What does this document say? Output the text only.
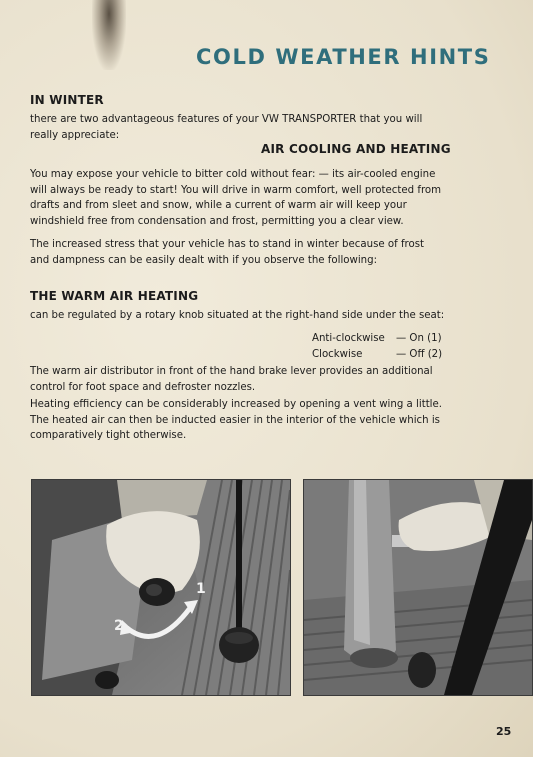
COLD WEATHER HINTS
IN WINTER
there are two advantageous features of your VW TRANSPORTER that you will really appreciate:
AIR COOLING AND HEATING
You may expose your vehicle to bitter cold without fear: — its air-cooled engine will always be ready to start! You will drive in warm comfort, well protected from drafts and from sleet and snow, while a current of warm air will keep your windshield free from condensation and frost, permitting you a clear view.
The increased stress that your vehicle has to stand in winter because of frost and dampness can be easily dealt with if you observe the following:
THE WARM AIR HEATING
can be regulated by a rotary knob situated at the right-hand side under the seat:
Anti-clockwise	— On (1)
Clockwise	— Off (2)
The warm air distributor in front of the hand brake lever provides an additional control for foot space and defroster nozzles.
Heating efficiency can be considerably increased by opening a vent wing a little. The heated air can then be inducted easier in the interior of the vehicle which is comparatively tight otherwise.
1
2
25
